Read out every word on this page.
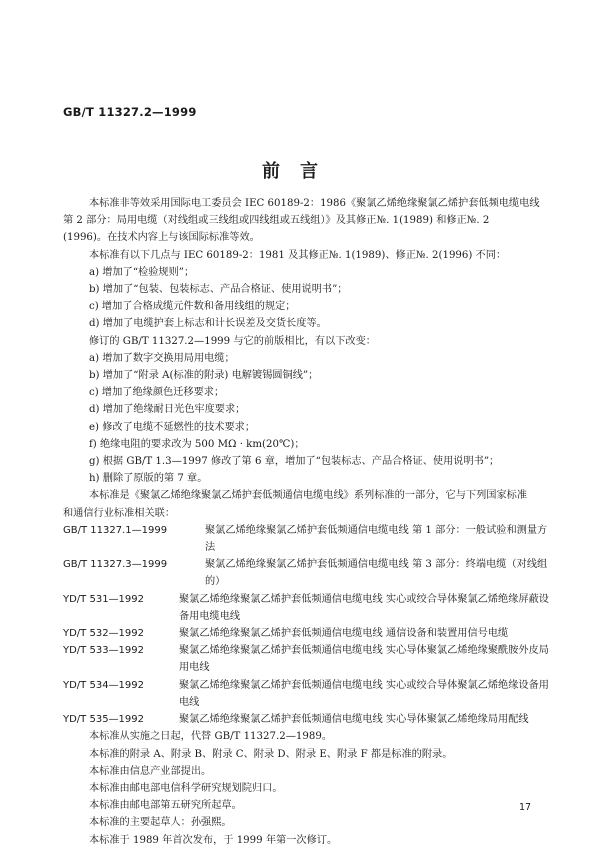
GB/T 11327.2—1999
前言

本标准非等效采用国际电工委员会 IEC 60189-2：1986《聚氯乙烯绝缘聚氯乙烯护套低频电缆电线

第 2 部分：局用电缆（对线组或三线组或四线组或五线组）》及其修正№. 1(1989) 和修正№. 2

(1996)。在技术内容上与该国际标准等效。

本标准有以下几点与 IEC 60189-2：1981 及其修正№. 1(1989)、修正№. 2(1996) 不同：

a) 增加了“检验规则”；

b) 增加了“包装、包装标志、产品合格证、使用说明书”；

c) 增加了合格成缆元件数和备用线组的规定；

d) 增加了电缆护套上标志和计长误差及交货长度等。

修订的 GB/T 11327.2—1999 与它的前版相比，有以下改变：

a) 增加了数字交换用局用电缆；

b) 增加了“附录 A(标准的附录) 电解镀锡圆铜线”；

c) 增加了绝缘颜色迁移要求；

d) 增加了绝缘耐日光色牢度要求；

e) 修改了电缆不延燃性的技术要求；

f) 绝缘电阻的要求改为 500 MΩ · km(20℃)；

g) 根据 GB/T 1.3—1997 修改了第 6 章，增加了“包装标志、产品合格证、使用说明书”；

h) 删除了原版的第 7 章。

本标准是《聚氯乙烯绝缘聚氯乙烯护套低频通信电缆电线》系列标准的一部分，它与下列国家标准

和通信行业标准相关联：

GB/T 11327.1—1999	聚氯乙烯绝缘聚氯乙烯护套低频通信电缆电线 第 1 部分：一般试验和测量方法
GB/T 11327.3—1999	聚氯乙烯绝缘聚氯乙烯护套低频通信电缆电线 第 3 部分：终端电缆（对线组的）
YD/T 531—1992	聚氯乙烯绝缘聚氯乙烯护套低频通信电缆电线 实心或绞合导体聚氯乙烯绝缘屏蔽设备用电缆电线
YD/T 532—1992	聚氯乙烯绝缘聚氯乙烯护套低频通信电缆电线 通信设备和装置用信号电缆
YD/T 533—1992	聚氯乙烯绝缘聚氯乙烯护套低频通信电缆电线 实心导体聚氯乙烯绝缘聚酰胺外皮局用电线
YD/T 534—1992	聚氯乙烯绝缘聚氯乙烯护套低频通信电缆电线 实心或绞合导体聚氯乙烯绝缘设备用电线
YD/T 535—1992	聚氯乙烯绝缘聚氯乙烯护套低频通信电缆电线 实心导体聚氯乙烯绝缘局用配线

本标准从实施之日起，代替 GB/T 11327.2—1989。

本标准的附录 A、附录 B、附录 C、附录 D、附录 E、附录 F 都是标准的附录。

本标准由信息产业部提出。

本标准由邮电部电信科学研究规划院归口。

本标准由邮电部第五研究所起草。

本标准的主要起草人：孙强熙。

本标准于 1989 年首次发布，于 1999 年第一次修订。

17
